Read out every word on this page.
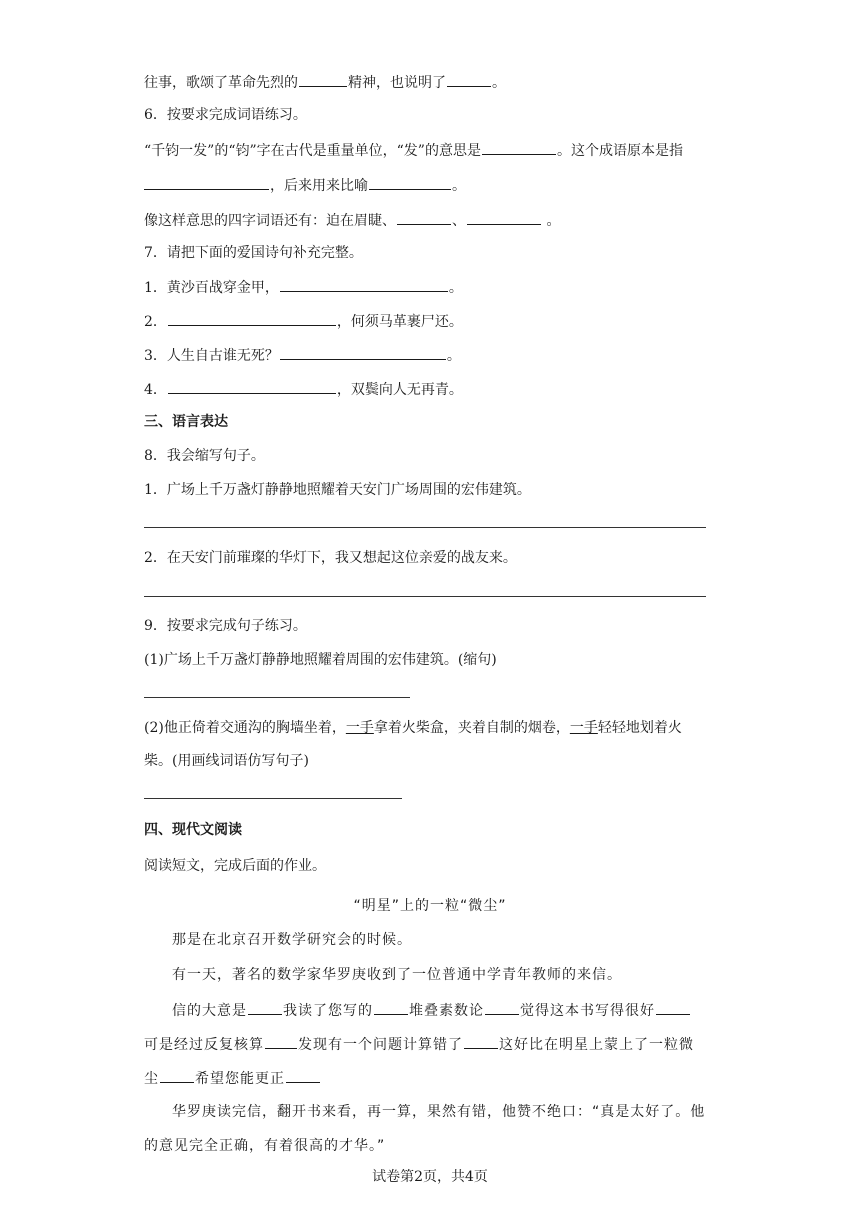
往事，歌颂了革命先烈的	精神，也说明了	。
6．按要求完成词语练习。
“千钧一发”的“钧”字在古代是重量单位，“发”的意思是	。这个成语原本是指
，后来用来比喻	。
像这样意思的四字词语还有：迫在眉睫、	、	。
7．请把下面的爱国诗句补充完整。
1．黄沙百战穿金甲，	。
2．	，何须马革裹尸还。
3．人生自古谁无死？	。
4．	，双鬓向人无再青。
三、语言表达
8．我会缩写句子。
1．广场上千万盏灯静静地照耀着天安门广场周围的宏伟建筑。
2．在天安门前璀璨的华灯下，我又想起这位亲爱的战友来。
9．按要求完成句子练习。
(1)广场上千万盏灯静静地照耀着周围的宏伟建筑。(缩句)
(2)他正倚着交通沟的胸墙坐着，一手拿着火柴盒，夹着自制的烟卷，一手轻轻地划着火
柴。(用画线词语仿写句子)
四、现代文阅读
阅读短文，完成后面的作业。
“明星”上的一粒“微尘”
那是在北京召开数学研究会的时候。
有一天，著名的数学家华罗庚收到了一位普通中学青年教师的来信。
信的大意是	我读了您写的	堆叠素数论	觉得这本书写得很好
可是经过反复核算 发现有一个问题计算错了	这好比在明星上蒙上了一粒微
尘	希望您能更正
华罗庚读完信，翻开书来看，再一算，果然有错，他赞不绝口：“真是太好了。他
的意见完全正确，有着很高的才华。”
试卷第2页，共4页
